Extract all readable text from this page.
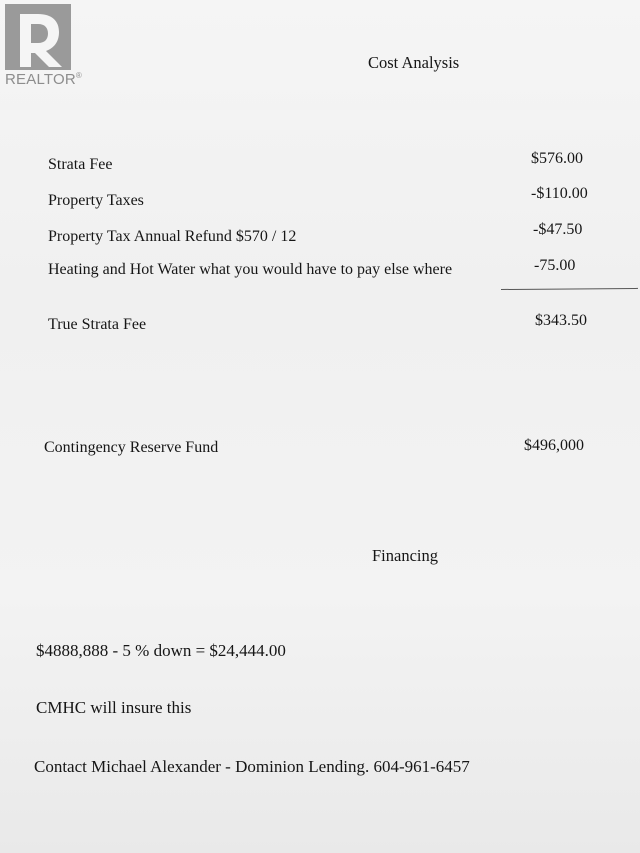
REALTOR®
Cost Analysis
Strata Fee	$576.00
Property Taxes	-$110.00
Property Tax Annual Refund $570 / 12	-$47.50
Heating and Hot Water what you would have to pay else where	-75.00
True Strata Fee	$343.50
Contingency Reserve Fund	$496,000
Financing
$4888,888 - 5 % down = $24,444.00
CMHC will insure this
Contact Michael Alexander - Dominion Lending. 604-961-6457
